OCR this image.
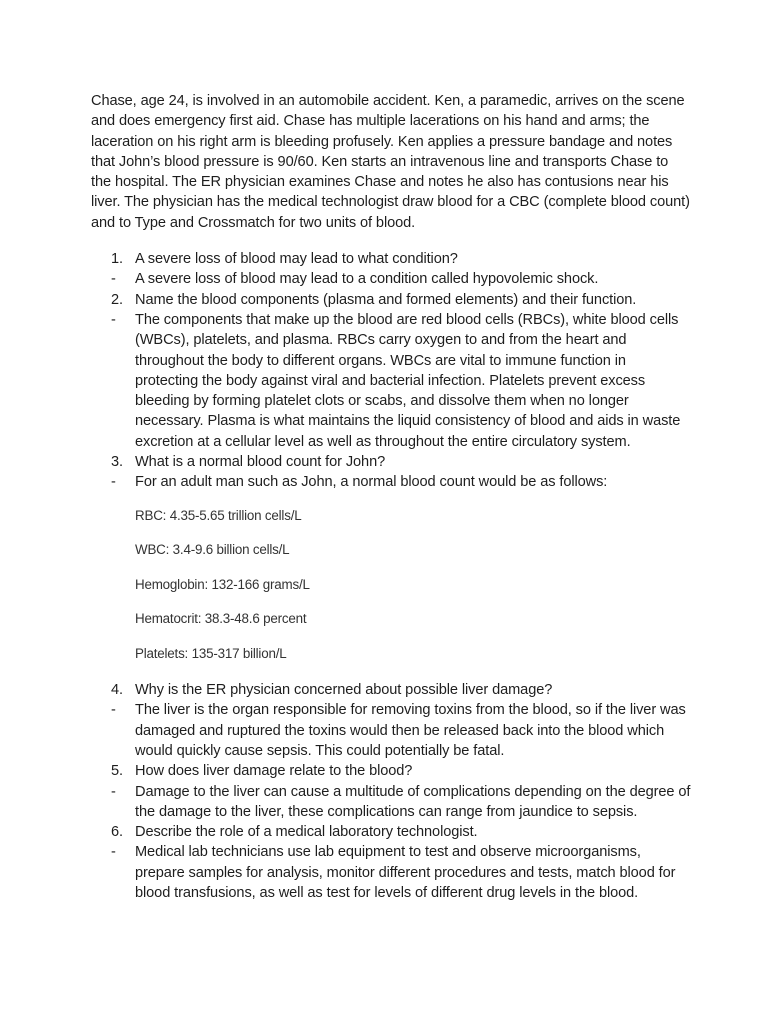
Chase, age 24, is involved in an automobile accident. Ken, a paramedic, arrives on the scene and does emergency first aid. Chase has multiple lacerations on his hand and arms; the laceration on his right arm is bleeding profusely. Ken applies a pressure bandage and notes that John’s blood pressure is 90/60. Ken starts an intravenous line and transports Chase to the hospital. The ER physician examines Chase and notes he also has contusions near his liver. The physician has the medical technologist draw blood for a CBC (complete blood count) and to Type and Crossmatch for two units of blood.

1. A severe loss of blood may lead to what condition?
-	A severe loss of blood may lead to a condition called hypovolemic shock.
2. Name the blood components (plasma and formed elements) and their function.
-	The components that make up the blood are red blood cells (RBCs), white blood cells (WBCs), platelets, and plasma. RBCs carry oxygen to and from the heart and throughout the body to different organs. WBCs are vital to immune function in protecting the body against viral and bacterial infection. Platelets prevent excess bleeding by forming platelet clots or scabs, and dissolve them when no longer necessary. Plasma is what maintains the liquid consistency of blood and aids in waste excretion at a cellular level as well as throughout the entire circulatory system.
3. What is a normal blood count for John?
-	For an adult man such as John, a normal blood count would be as follows:

RBC: 4.35-5.65 trillion cells/L

WBC: 3.4-9.6 billion cells/L

Hemoglobin: 132-166 grams/L

Hematocrit: 38.3-48.6 percent

Platelets: 135-317 billion/L

4. Why is the ER physician concerned about possible liver damage?
-	The liver is the organ responsible for removing toxins from the blood, so if the liver was damaged and ruptured the toxins would then be released back into the blood which would quickly cause sepsis. This could potentially be fatal.
5. How does liver damage relate to the blood?
-	Damage to the liver can cause a multitude of complications depending on the degree of the damage to the liver, these complications can range from jaundice to sepsis.
6. Describe the role of a medical laboratory technologist.
-	Medical lab technicians use lab equipment to test and observe microorganisms, prepare samples for analysis, monitor different procedures and tests, match blood for blood transfusions, as well as test for levels of different drug levels in the blood.
